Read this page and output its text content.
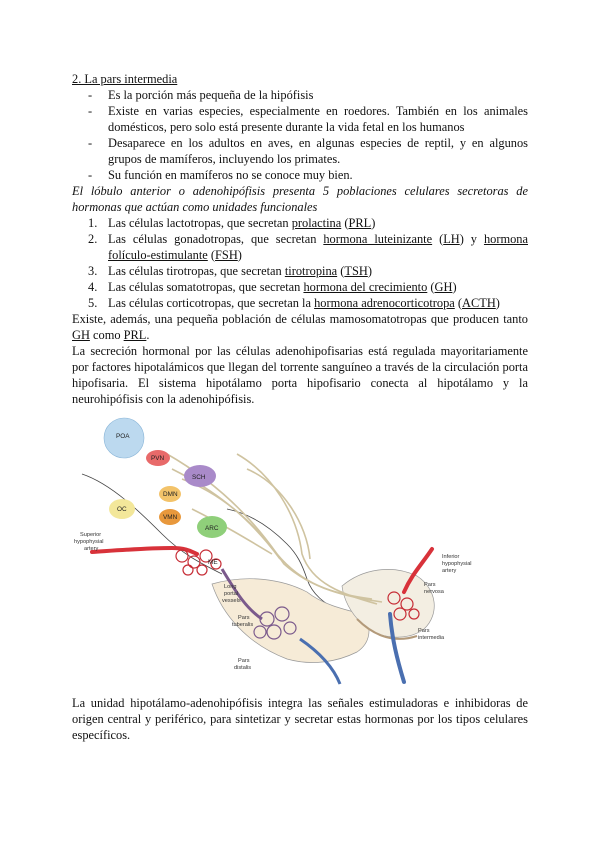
2. La pars intermedia
- Es la porción más pequeña de la hipófisis
- Existe en varias especies, especialmente en roedores. También en los animales domésticos, pero solo está presente durante la vida fetal en los humanos
- Desaparece en los adultos en aves, en algunas especies de reptil, y en algunos grupos de mamíferos, incluyendo los primates.
- Su función en mamíferos no se conoce muy bien.
El lóbulo anterior o adenohipófisis presenta 5 poblaciones celulares secretoras de hormonas que actúan como unidades funcionales
1. Las células lactotropas, que secretan prolactina (PRL)
2. Las células gonadotropas, que secretan hormona luteinizante (LH) y hormona folículo-estimulante (FSH)
3. Las células tirotropas, que secretan tirotropina (TSH)
4. Las células somatotropas, que secretan hormona del crecimiento (GH)
5. Las células corticotropas, que secretan la hormona adrenocorticotropa (ACTH)
Existe, además, una pequeña población de células mamosomatotropas que producen tanto GH como PRL.
La secreción hormonal por las células adenohipofisarias está regulada mayoritariamente por factores hipotalámicos que llegan del torrente sanguíneo a través de la circulación porta hipofisaria. El sistema hipotálamo porta hipofisario conecta al hipotálamo y la neurohipófisis con la adenohipófisis.
POA
PVN
DMN
VMN
SCH
OC
ARC
ME
Superior
hypophysial
artery
Inferior
hypophysial
artery
Pars
nervosa
Long
portal
vessels
Pars
tuberalis
Pars
intermedia
Pars
distalis
La unidad hipotálamo-adenohipófisis integra las señales estimuladoras e inhibidoras de origen central y periférico, para sintetizar y secretar estas hormonas por los tipos celulares específicos.
